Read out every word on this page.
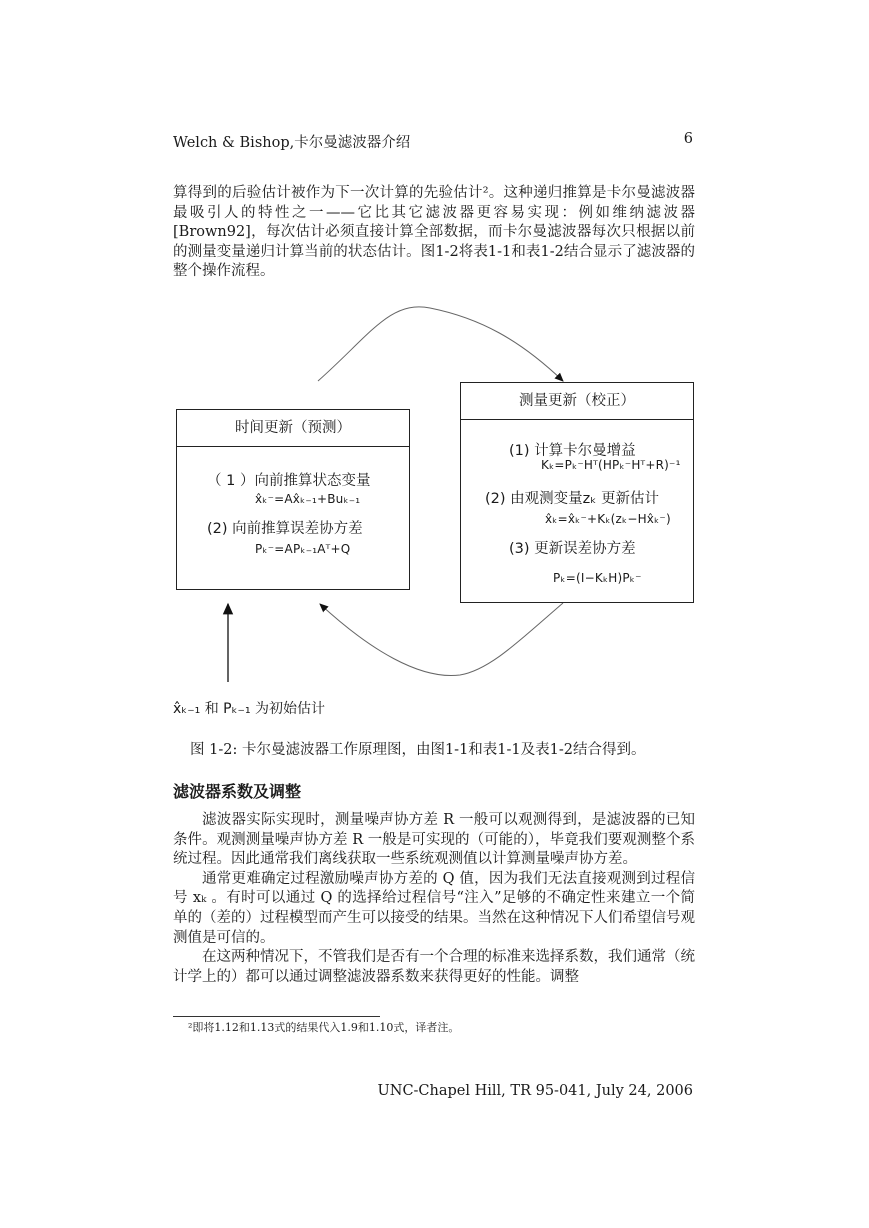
Welch & Bishop,卡尔曼滤波器介绍	6

算得到的后验估计被作为下一次计算的先验估计²。这种递归推算是卡尔曼滤波器最吸引人的特性之一——它比其它滤波器更容易实现：例如维纳滤波器 [Brown92]，每次估计必须直接计算全部数据，而卡尔曼滤波器每次只根据以前的测量变量递归计算当前的状态估计。图1-2将表1-1和表1-2结合显示了滤波器的整个操作流程。

时间更新（预测）
（ 1 ）向前推算状态变量
x̂ₖ⁻=Ax̂ₖ₋₁+Buₖ₋₁
(2) 向前推算误差协方差
Pₖ⁻=APₖ₋₁Aᵀ+Q
测量更新（校正）
(1) 计算卡尔曼增益
Kₖ=Pₖ⁻Hᵀ(HPₖ⁻Hᵀ+R)⁻¹
(2) 由观测变量zₖ 更新估计
x̂ₖ=x̂ₖ⁻+Kₖ(zₖ−Hx̂ₖ⁻)
(3) 更新误差协方差
Pₖ=(I−KₖH)Pₖ⁻
x̂ₖ₋₁ 和 Pₖ₋₁ 为初始估计
图 1-2: 卡尔曼滤波器工作原理图，由图1-1和表1-1及表1-2结合得到。
滤波器系数及调整

滤波器实际实现时，测量噪声协方差 R 一般可以观测得到，是滤波器的已知条件。观测测量噪声协方差 R 一般是可实现的（可能的），毕竟我们要观测整个系统过程。因此通常我们离线获取一些系统观测值以计算测量噪声协方差。

通常更难确定过程激励噪声协方差的 Q 值，因为我们无法直接观测到过程信号 xₖ 。有时可以通过 Q 的选择给过程信号“注入”足够的不确定性来建立一个简单的（差的）过程模型而产生可以接受的结果。当然在这种情况下人们希望信号观测值是可信的。

在这两种情况下，不管我们是否有一个合理的标准来选择系数，我们通常（统计学上的）都可以通过调整滤波器系数来获得更好的性能。调整

²即将1.12和1.13式的结果代入1.9和1.10式，译者注。
UNC-Chapel Hill, TR 95-041, July 24, 2006
